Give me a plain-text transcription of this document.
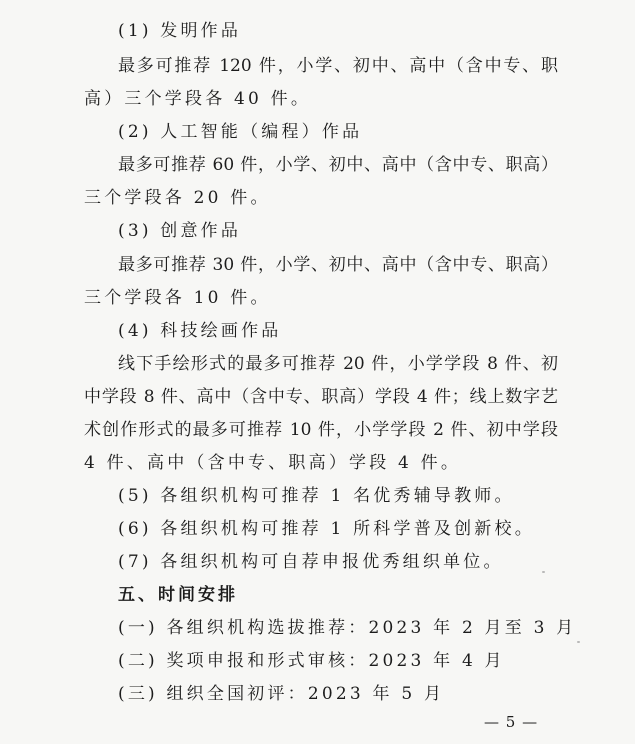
(1) 发明作品
最多可推荐 120 件，小学、初中、高中（含中专、职
高）三个学段各 40 件。
(2) 人工智能（编程）作品
最多可推荐 60 件，小学、初中、高中（含中专、职高）
三个学段各 20 件。
(3) 创意作品
最多可推荐 30 件，小学、初中、高中（含中专、职高）
三个学段各 10 件。
(4) 科技绘画作品
线下手绘形式的最多可推荐 20 件，小学学段 8 件、初
中学段 8 件、高中（含中专、职高）学段 4 件；线上数字艺
术创作形式的最多可推荐 10 件，小学学段 2 件、初中学段
4 件、高中（含中专、职高）学段 4 件。
(5) 各组织机构可推荐 1 名优秀辅导教师。
(6) 各组织机构可推荐 1 所科学普及创新校。
(7) 各组织机构可自荐申报优秀组织单位。
五、时间安排
(一) 各组织机构选拔推荐：2023 年 2 月至 3 月
(二) 奖项申报和形式审核：2023 年 4 月
(三) 组织全国初评：2023 年 5 月
— 5 —
